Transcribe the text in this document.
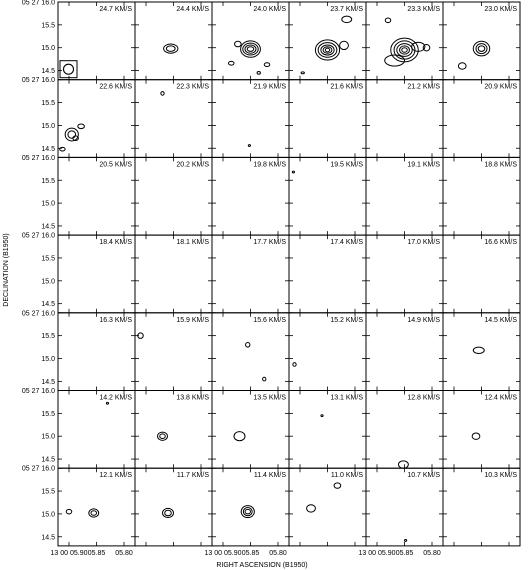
24.7 KM/S	24.4 KM/S	24.0 KM/S	23.7 KM/S	23.3 KM/S	23.0 KM/S
22.6 KM/S	22.3 KM/S	21.9 KM/S	21.6 KM/S	21.2 KM/S	20.9 KM/S
20.5 KM/S	20.2 KM/S	19.8 KM/S	19.5 KM/S	19.1 KM/S	18.8 KM/S
18.4 KM/S	18.1 KM/S	17.7 KM/S	17.4 KM/S	17.0 KM/S	16.6 KM/S
16.3 KM/S	15.9 KM/S	15.6 KM/S	15.2 KM/S	14.9 KM/S	14.5 KM/S
14.2 KM/S	13.8 KM/S	13.5 KM/S	13.1 KM/S	12.8 KM/S	12.4 KM/S
12.1 KM/S	11.7 KM/S	11.4 KM/S	11.0 KM/S	10.7 KM/S	10.3 KM/S
05 27 16.0
15.5
15.0
14.5
05 27 16.0
15.5
15.0
14.5
05 27 16.0
15.5
15.0
14.5
05 27 16.0
15.5
15.0
14.5
05 27 16.0
15.5
15.0
14.5
05 27 16.0
15.5
15.0
14.5
05 27 16.0
15.5
15.0
14.5
13 00 05.90 05.85 05.80	13 00 05.90 05.85 05.80	13 00 05.90 05.85 05.80
DECLINATION (B1950)
RIGHT ASCENSION (B1950)
